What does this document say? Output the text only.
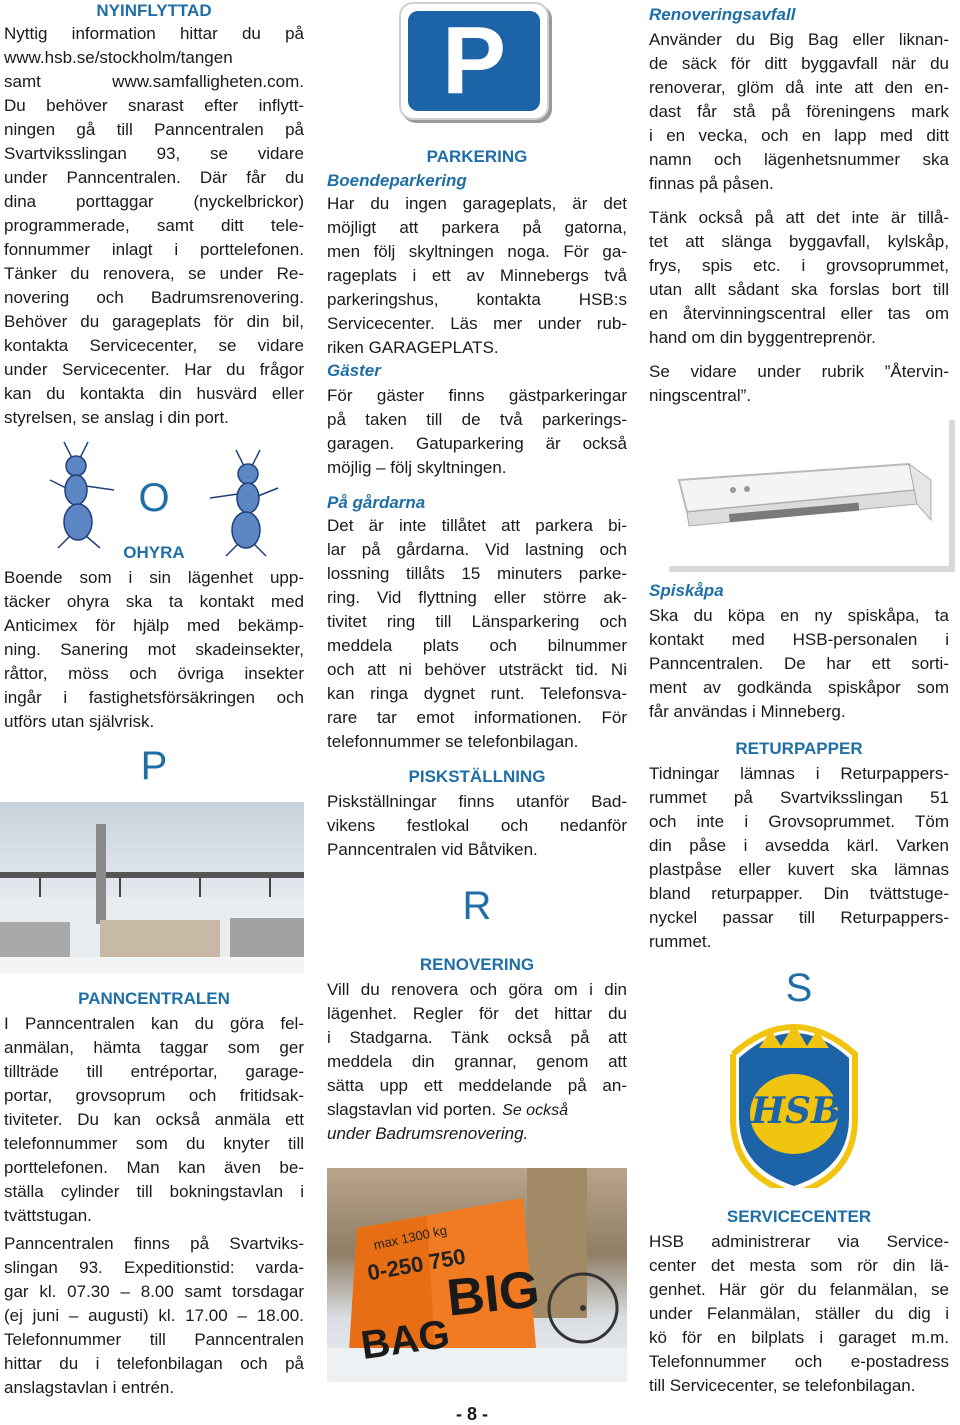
NYINFLYTTAD

Nyttig information hittar du på

www.hsb.se/stockholm/tangen

samt www.samfalligheten.com.

Du behöver snarast efter inflytt-

ningen gå till Panncentralen på

Svartviksslingan 93, se vidare

under Panncentralen. Där får du

dina porttaggar (nyckelbrickor)

programmerade, samt ditt tele-

fonnummer inlagt i porttelefonen.

Tänker du renovera, se under Re-

novering och Badrumsrenovering.

Behöver du garageplats för din bil,

kontakta Servicecenter, se vidare

under Servicecenter. Har du frågor

kan du kontakta din husvärd eller

styrelsen, se anslag i din port.

O

OHYRA

Boende som i sin lägenhet upp-

täcker ohyra ska ta kontakt med

Anticimex för hjälp med bekämp-

ning. Sanering mot skadeinsekter,

råttor, möss och övriga insekter

ingår i fastighetsförsäkringen och

utförs utan självrisk.

P

PANNCENTRALEN

I Panncentralen kan du göra fel-

anmälan, hämta taggar som ger

tillträde till entréportar, garage-

portar, grovsoprum och fritidsak-

tiviteter. Du kan också anmäla ett

telefonnummer som du knyter till

porttelefonen. Man kan även be-

ställa cylinder till bokningstavlan i

tvättstugan.

Panncentralen finns på Svartviks-

slingan 93. Expeditionstid: varda-

gar kl. 07.30 – 8.00 samt torsdagar

(ej juni – augusti) kl. 17.00 – 18.00.

Telefonnummer till Panncentralen

hittar du i telefonbilagan och på

anslagstavlan i entrén.

P

PARKERING

Boendeparkering

Har du ingen garageplats, är det

möjligt att parkera på gatorna,

men följ skyltningen noga. För ga-

rageplats i ett av Minnebergs två

parkeringshus, kontakta HSB:s

Servicecenter. Läs mer under rub-

riken GARAGEPLATS.

Gäster

För gäster finns gästparkeringar

på taken till de två parkerings-

garagen. Gatuparkering är också

möjlig – följ skyltningen.

På gårdarna

Det är inte tillåtet att parkera bi-

lar på gårdarna. Vid lastning och

lossning tillåts 15 minuters parke-

ring. Vid flyttning eller större ak-

tivitet ring till Länsparkering och

meddela plats och bilnummer

och att ni behöver utsträckt tid. Ni

kan ringa dygnet runt. Telefonsva-

rare tar emot informationen. För

telefonnummer se telefonbilagan.

PISKSTÄLLNING

Piskställningar finns utanför Bad-

vikens festlokal och nedanför

Panncentralen vid Båtviken.

R

RENOVERING

Vill du renovera och göra om i din

lägenhet. Regler för det hittar du

i Stadgarna. Tänk också på att

meddela din grannar, genom att

sätta upp ett meddelande på an-

slagstavlan vid porten. Se också

under Badrumsrenovering.

max 1300 kg
0-250 750
BIG
BAG

Renoveringsavfall

Använder du Big Bag eller liknan-

de säck för ditt byggavfall när du

renoverar, glöm då inte att den en-

dast får stå på föreningens mark

i en vecka, och en lapp med ditt

namn och lägenhetsnummer ska

finnas på påsen.

Tänk också på att det inte är tillå-

tet att slänga byggavfall, kylskåp,

frys, spis etc. i grovsoprummet,

utan allt sådant ska forslas bort till

en återvinningscentral eller tas om

hand om din byggentreprenör.

Se vidare under rubrik ”Återvin-

ningscentral”.

Spiskåpa

Ska du köpa en ny spiskåpa, ta

kontakt med HSB-personalen i

Panncentralen. De har ett sorti-

ment av godkända spiskåpor som

får användas i Minneberg.

RETURPAPPER

Tidningar lämnas i Returpappers-

rummet på Svartviksslingan 51

och inte i Grovsoprummet. Töm

din påse i avsedda kärl. Varken

plastpåse eller kuvert ska lämnas

bland returpapper. Din tvättstuge-

nyckel passar till Returpappers-

rummet.

S
HSB

SERVICECENTER

HSB administrerar via Service-

center det mesta som rör din lä-

genhet. Här gör du felanmälan, se

under Felanmälan, ställer du dig i

kö för en bilplats i garaget m.m.

Telefonnummer och e-postadress

till Servicecenter, se telefonbilagan.

- 8 -
